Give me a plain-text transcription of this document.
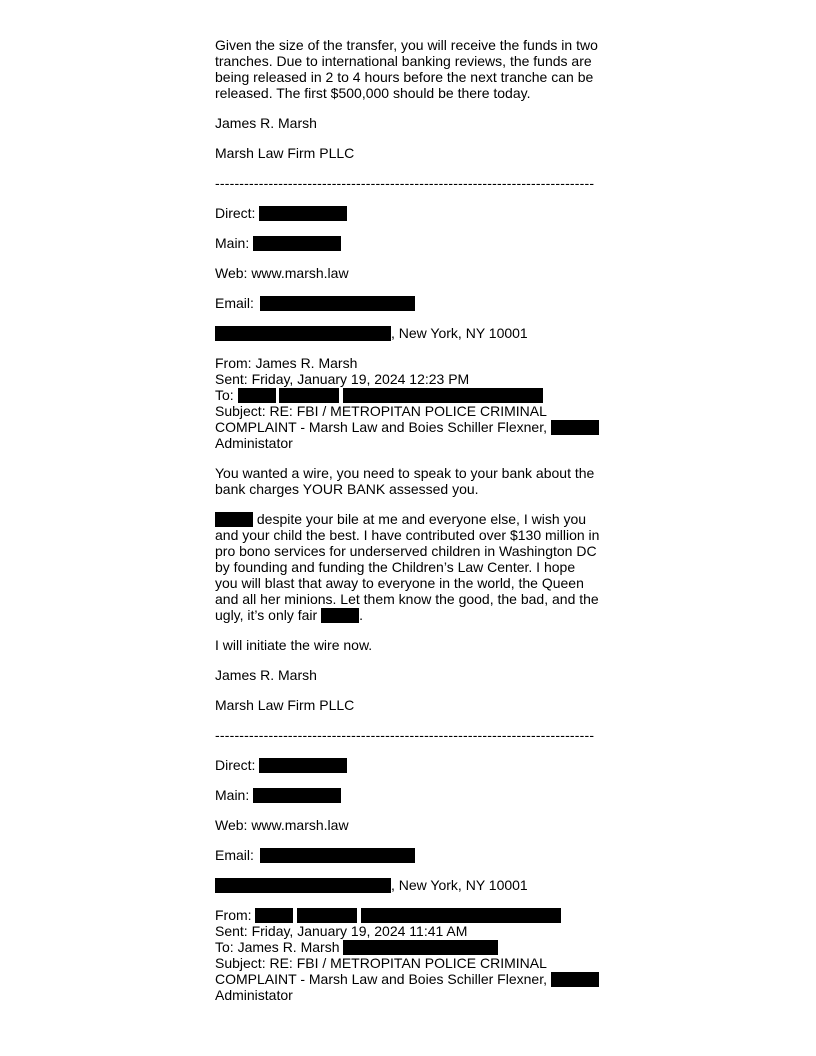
Given the size of the transfer, you will receive the funds in two
tranches. Due to international banking reviews, the funds are
being released in 2 to 4 hours before the next tranche can be
released. The first $500,000 should be there today.
James R. Marsh
Marsh Law Firm PLLC
------------------------------------------------------------------------------
Direct:
Main:
Web: www.marsh.law
Email:
, New York, NY 10001
From: James R. Marsh
Sent: Friday, January 19, 2024 12:23 PM
To:
Subject: RE: FBI / METROPITAN POLICE CRIMINAL
COMPLAINT - Marsh Law and Boies Schiller Flexner,
Administator
You wanted a wire, you need to speak to your bank about the
bank charges YOUR BANK assessed you.
despite your bile at me and everyone else, I wish you
and your child the best. I have contributed over $130 million in
pro bono services for underserved children in Washington DC
by founding and funding the Children’s Law Center. I hope
you will blast that away to everyone in the world, the Queen
and all her minions. Let them know the good, the bad, and the
ugly, it’s only fair	.
I will initiate the wire now.
James R. Marsh
Marsh Law Firm PLLC
------------------------------------------------------------------------------
Direct:
Main:
Web: www.marsh.law
Email:
, New York, NY 10001
From:
Sent: Friday, January 19, 2024 11:41 AM
To: James R. Marsh
Subject: RE: FBI / METROPITAN POLICE CRIMINAL
COMPLAINT - Marsh Law and Boies Schiller Flexner,
Administator
